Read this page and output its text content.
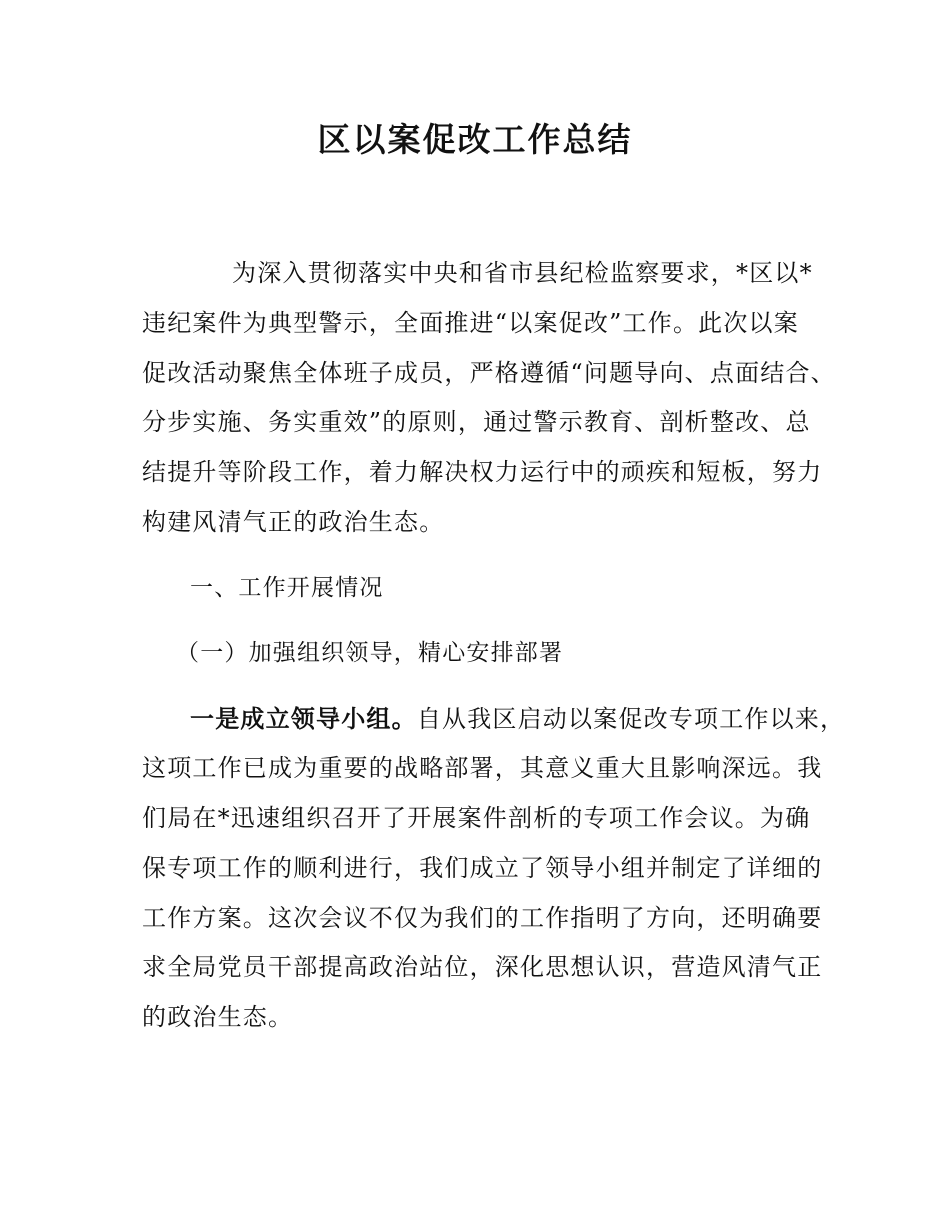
区以案促改工作总结
为深入贯彻落实中央和省市县纪检监察要求，*区以*
违纪案件为典型警示，全面推进“以案促改”工作。此次以案
促改活动聚焦全体班子成员，严格遵循“问题导向、点面结合、
分步实施、务实重效”的原则，通过警示教育、剖析整改、总
结提升等阶段工作，着力解决权力运行中的顽疾和短板，努力
构建风清气正的政治生态。
一、工作开展情况
（一）加强组织领导，精心安排部署
一是成立领导小组。自从我区启动以案促改专项工作以来，
这项工作已成为重要的战略部署，其意义重大且影响深远。我
们局在*迅速组织召开了开展案件剖析的专项工作会议。为确
保专项工作的顺利进行，我们成立了领导小组并制定了详细的
工作方案。这次会议不仅为我们的工作指明了方向，还明确要
求全局党员干部提高政治站位，深化思想认识，营造风清气正
的政治生态。
